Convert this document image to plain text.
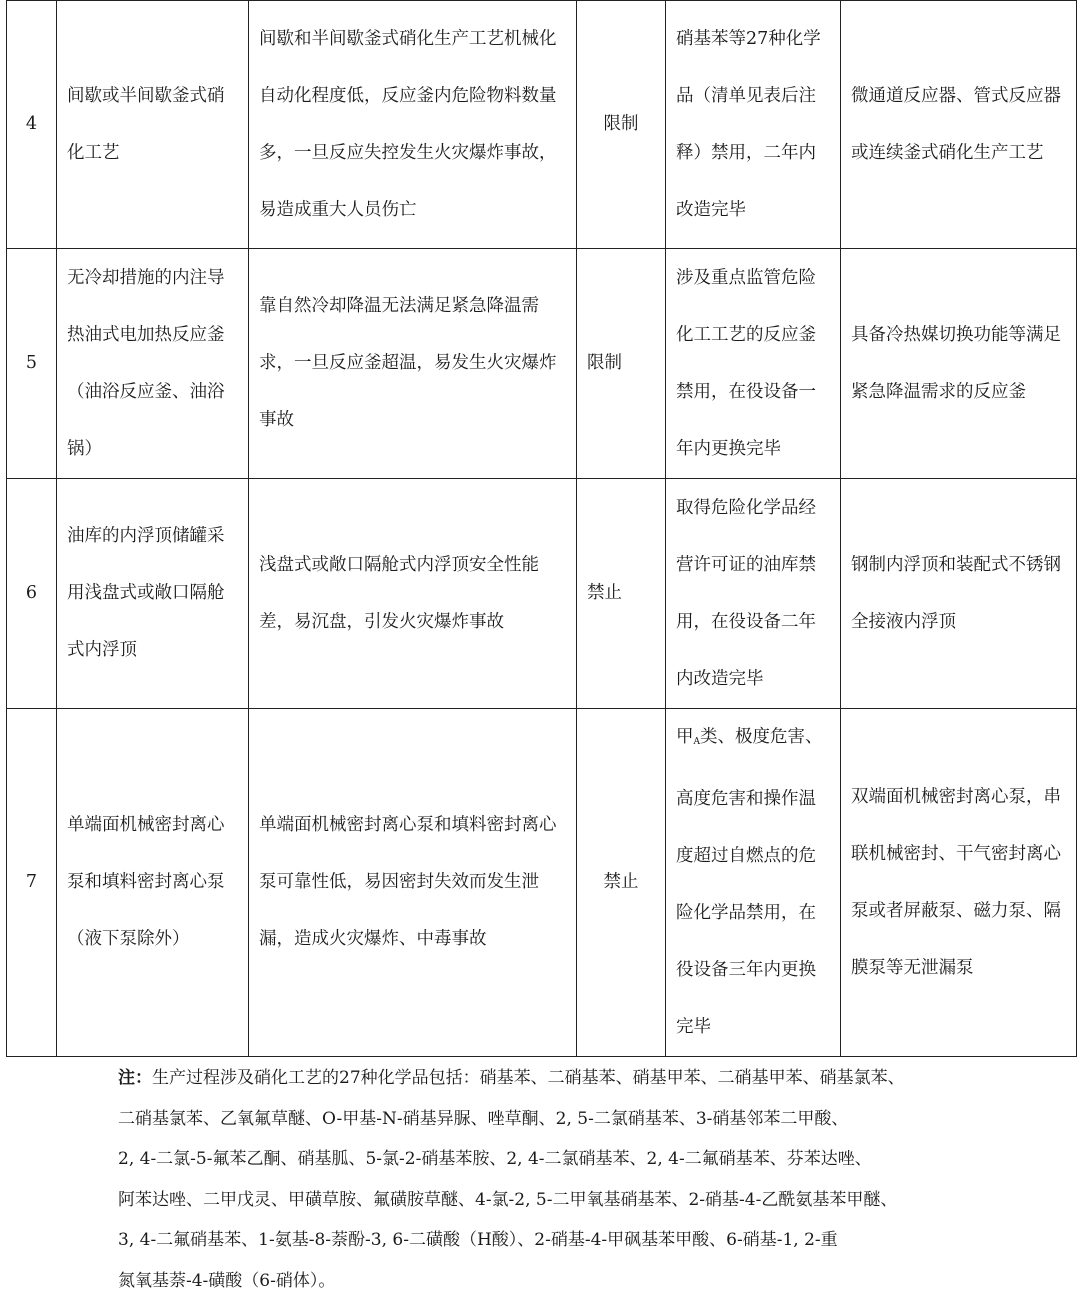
4	间歇或半间歇釜式硝化工艺	间歇和半间歇釜式硝化生产工艺机械化自动化程度低，反应釜内危险物料数量多，一旦反应失控发生火灾爆炸事故，易造成重大人员伤亡	限制	硝基苯等27种化学品（清单见表后注释）禁用，二年内改造完毕	微通道反应器、管式反应器或连续釜式硝化生产工艺
5	无冷却措施的内注导热油式电加热反应釜（油浴反应釜、油浴锅）	靠自然冷却降温无法满足紧急降温需求，一旦反应釜超温，易发生火灾爆炸事故	限制	涉及重点监管危险化工工艺的反应釜禁用，在役设备一年内更换完毕	具备冷热媒切换功能等满足紧急降温需求的反应釜
6	油库的内浮顶储罐采用浅盘式或敞口隔舱式内浮顶	浅盘式或敞口隔舱式内浮顶安全性能差，易沉盘，引发火灾爆炸事故	禁止	取得危险化学品经营许可证的油库禁用，在役设备二年内改造完毕	钢制内浮顶和装配式不锈钢全接液内浮顶
7	单端面机械密封离心泵和填料密封离心泵（液下泵除外）	单端面机械密封离心泵和填料密封离心泵可靠性低，易因密封失效而发生泄漏，造成火灾爆炸、中毒事故	禁止	甲$_A$类、极度危害、高度危害和操作温度超过自燃点的危险化学品禁用，在役设备三年内更换完毕	双端面机械密封离心泵，串联机械密封、干气密封离心泵或者屏蔽泵、磁力泵、隔膜泵等无泄漏泵
注：生产过程涉及硝化工艺的27种化学品包括：硝基苯、二硝基苯、硝基甲苯、二硝基甲苯、硝基氯苯、
二硝基氯苯、乙氧氟草醚、O-甲基-N-硝基异脲、唑草酮、2, 5-二氯硝基苯、3-硝基邻苯二甲酸、
2, 4-二氯-5-氟苯乙酮、硝基胍、5-氯-2-硝基苯胺、2, 4-二氯硝基苯、2, 4-二氟硝基苯、芬苯达唑、
阿苯达唑、二甲戊灵、甲磺草胺、氟磺胺草醚、4-氯-2, 5-二甲氧基硝基苯、2-硝基-4-乙酰氨基苯甲醚、
3, 4-二氟硝基苯、1-氨基-8-萘酚-3, 6-二磺酸（H酸）、2-硝基-4-甲砜基苯甲酸、6-硝基-1, 2-重
氮氧基萘-4-磺酸（6-硝体）。
